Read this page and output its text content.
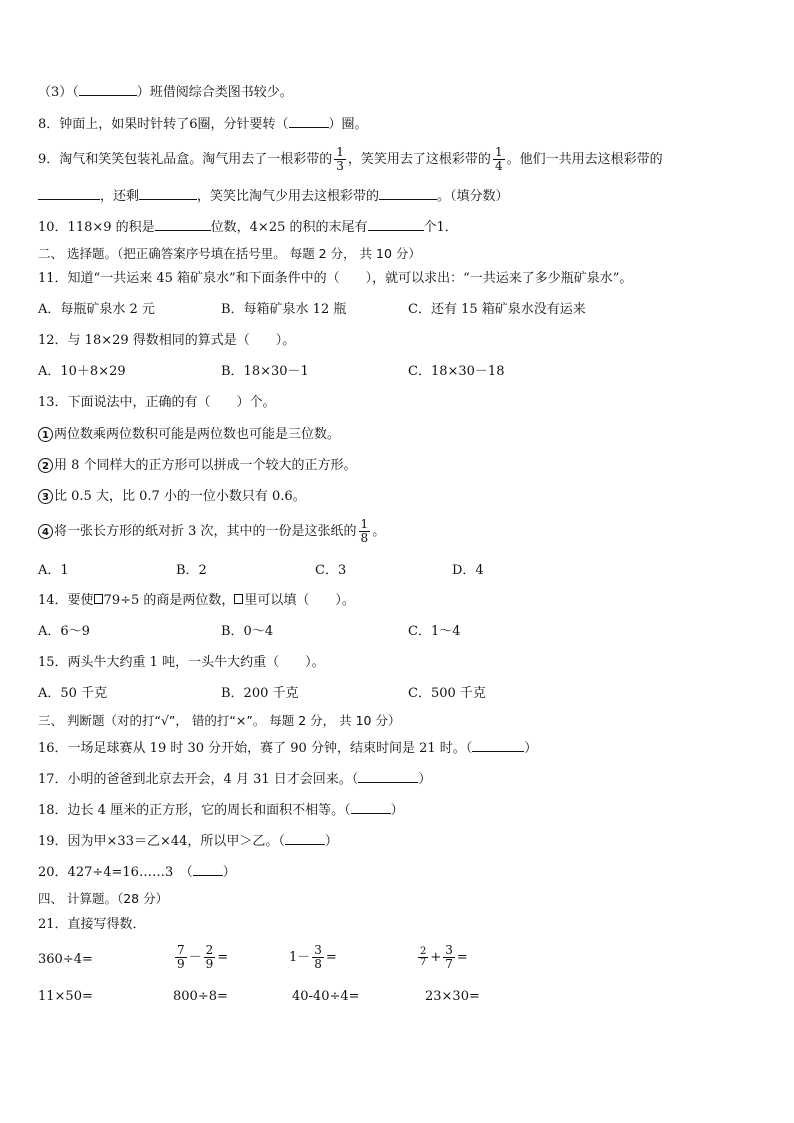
（3）（	）班借阅综合类图书较少。
8．钟面上，如果时针转了6圈，分针要转（	）圈。
9．淘气和笑笑包装礼品盒。淘气用去了一根彩带的 $\frac{1}{3}$ ，笑笑用去了这根彩带的 $\frac{1}{4}$ 。他们一共用去这根彩带的
，还剩	，笑笑比淘气少用去这根彩带的	。（填分数）
10．118×9 的积是	位数，4×25 的积的末尾有	个1．
二、 选择题。（把正确答案序号填在括号里。 每题 2 分， 共 10 分）
11．知道“一共运来 45 箱矿泉水”和下面条件中的（　　），就可以求出：“一共运来了多少瓶矿泉水”。
A．每瓶矿泉水 2 元	B．每箱矿泉水 12 瓶	C．还有 15 箱矿泉水没有运来
12．与 18×29 得数相同的算式是（　　）。
A．10＋8×29	B．18×30－1	C．18×30－18
13．下面说法中，正确的有（　　）个。
1 两位数乘两位数积可能是两位数也可能是三位数。
2 用 8 个同样大的正方形可以拼成一个较大的正方形。
3 比 0.5 大，比 0.7 小的一位小数只有 0.6。
4 将一张长方形的纸对折 3 次，其中的一份是这张纸的 $\frac{1}{8}$ 。
A．1	B．2	C．3	D．4
14．要使 79÷5 的商是两位数， 里可以填（　　）。
A．6～9	B．0～4	C．1～4
15．两头牛大约重 1 吨，一头牛大约重（　　）。
A．50 千克	B．200 千克	C．500 千克
三、 判断题（对的打“√”， 错的打“×”。 每题 2 分， 共 10 分）
16．一场足球赛从 19 时 30 分开始，赛了 90 分钟，结束时间是 21 时。（	）
17．小明的爸爸到北京去开会，4 月 31 日才会回来。（	）
18．边长 4 厘米的正方形，它的周长和面积不相等。（	）
19．因为甲×33＝乙×44，所以甲＞乙。（	）
20．427÷4=16……3　（ ）
四、 计算题。（28 分）
21．直接写得数．
360÷4=	$\frac{7}{9} - \frac{2}{9}$ =	$1- \frac{3}{8}$ =	$\frac{2}{7} + \frac{3}{7}$ =
11×50=	800÷8=	40-40÷4=	23×30=
